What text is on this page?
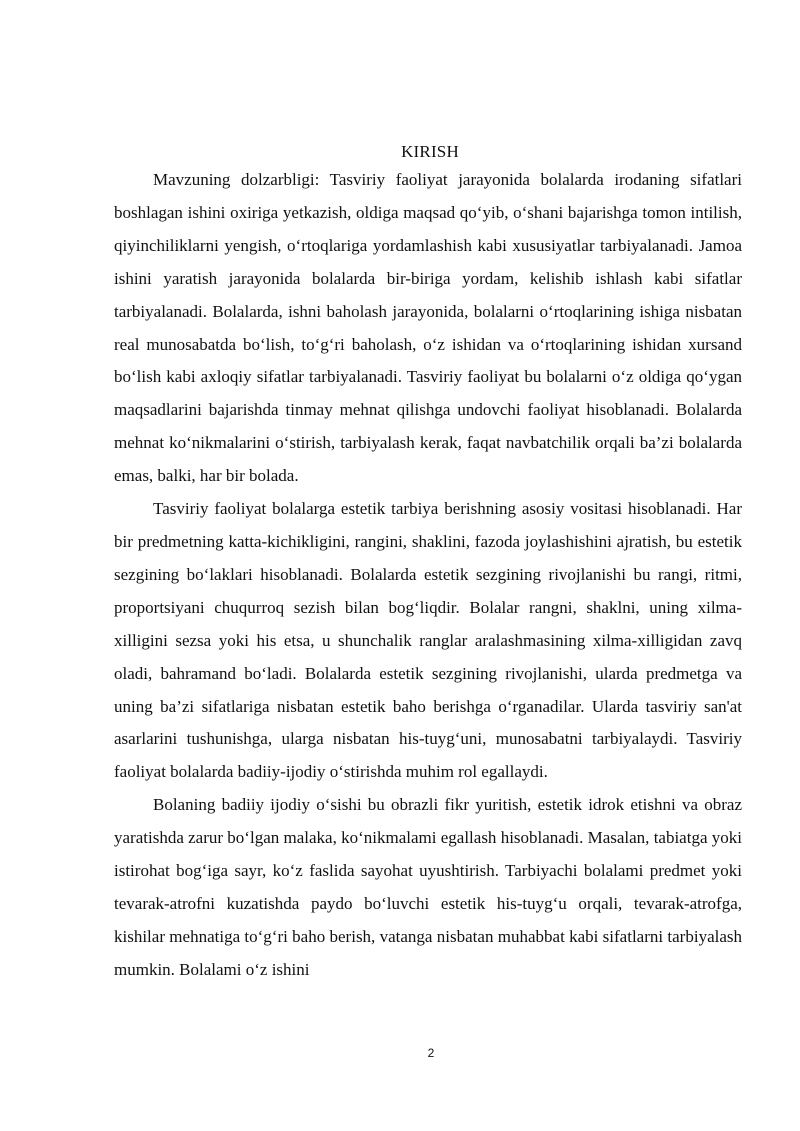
KIRISH

Mavzuning dolzarbligi: Tasviriy faoliyat jarayonida bolalarda irodaning sifatlari boshlagan ishini oxiriga yetkazish, oldiga maqsad qo‘yib, o‘shani bajarishga tomon intilish, qiyinchiliklarni yengish, o‘rtoqlariga yordamlashish kabi xususiyatlar tarbiyalanadi. Jamoa ishini yaratish jarayonida bolalarda bir-biriga yordam, kelishib ishlash kabi sifatlar tarbiyalanadi. Bolalarda, ishni baholash jarayonida, bolalarni o‘rtoqlarining ishiga nisbatan real munosabatda bo‘lish, to‘g‘ri baholash, o‘z ishidan va o‘rtoqlarining ishidan xursand bo‘lish kabi axloqiy sifatlar tarbiyalanadi. Tasviriy faoliyat bu bolalarni o‘z oldiga qo‘ygan maqsadlarini bajarishda tinmay mehnat qilishga undovchi faoliyat hisoblanadi. Bolalarda mehnat ko‘nikmalarini o‘stirish, tarbiyalash kerak, faqat navbatchilik orqali ba’zi bolalarda emas, balki, har bir bolada.

Tasviriy faoliyat bolalarga estetik tarbiya berishning asosiy vositasi hisoblanadi. Har bir predmetning katta-kichikligini, rangini, shaklini, fazoda joylashishini ajratish, bu estetik sezgining bo‘laklari hisoblanadi. Bolalarda estetik sezgining rivojlanishi bu rangi, ritmi, proportsiyani chuqurroq sezish bilan bog‘liqdir. Bolalar rangni, shaklni, uning xilma-xilligini sezsa yoki his etsa, u shunchalik ranglar aralashmasining xilma-xilligidan zavq oladi, bahramand bo‘ladi. Bolalarda estetik sezgining rivojlanishi, ularda predmetga va uning ba’zi sifatlariga nisbatan estetik baho berishga o‘rganadilar. Ularda tasviriy san'at asarlarini tushunishga, ularga nisbatan his-tuyg‘uni, munosabatni tarbiyalaydi. Tasviriy faoliyat bolalarda badiiy-ijodiy o‘stirishda muhim rol egallaydi.

Bolaning badiiy ijodiy o‘sishi bu obrazli fikr yuritish, estetik idrok etishni va obraz yaratishda zarur bo‘lgan malaka, ko‘nikmalami egallash hisoblanadi. Masalan, tabiatga yoki istirohat bog‘iga sayr, ko‘z faslida sayohat uyushtirish. Tarbiyachi bolalami predmet yoki tevarak-atrofni kuzatishda paydo bo‘luvchi estetik his-tuyg‘u orqali, tevarak-atrofga, kishilar mehnatiga to‘g‘ri baho berish, vatanga nisbatan muhabbat kabi sifatlarni tarbiyalash mumkin. Bolalami o‘z ishini

2
